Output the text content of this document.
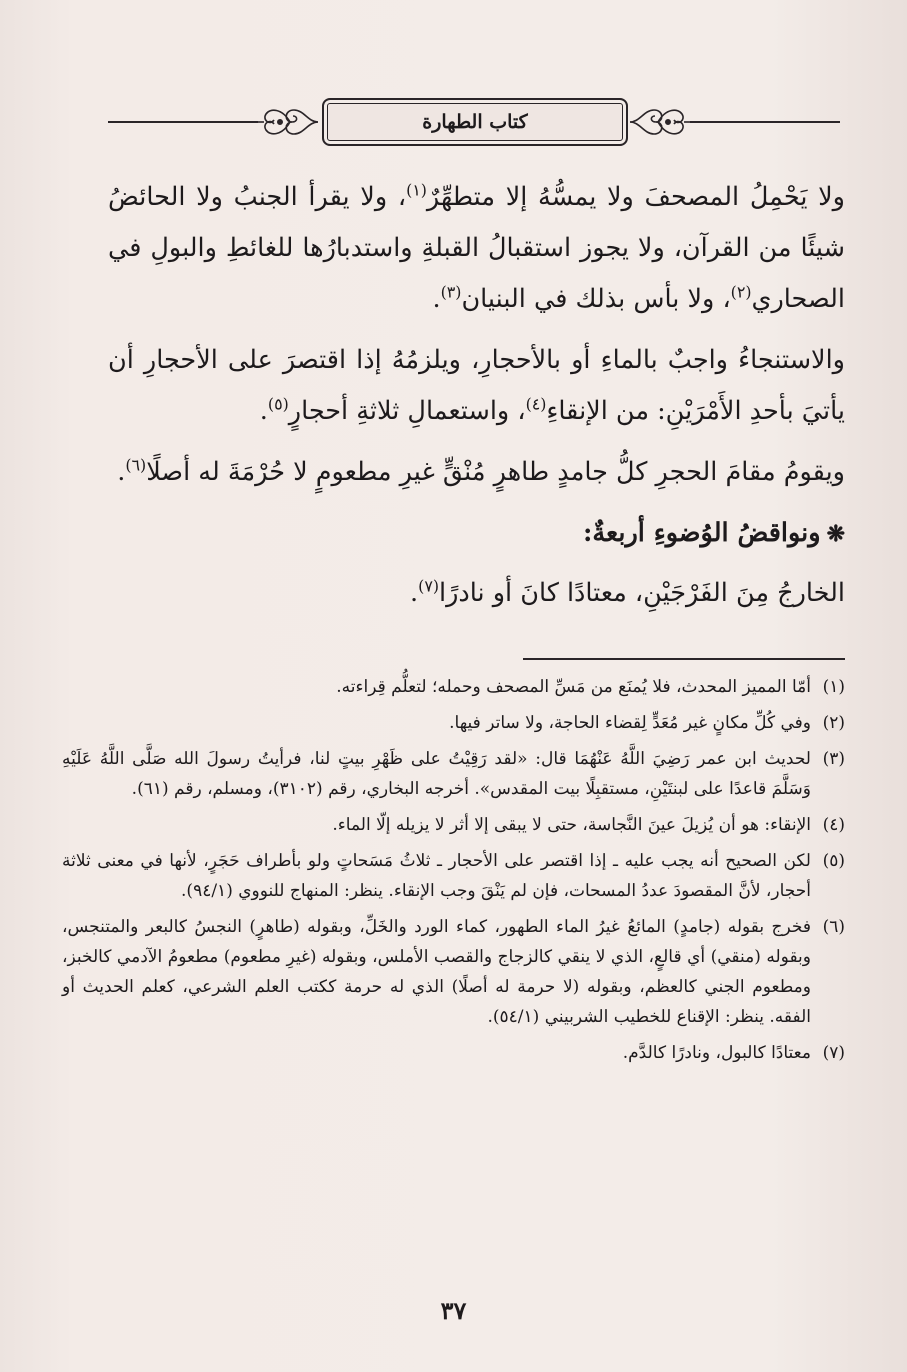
كتاب الطهارة

ولا يَحْمِلُ المصحفَ ولا يمسُّهُ إلا متطهِّرٌ$^{(١)}$، ولا يقرأ الجنبُ ولا الحائضُ شيئًا من القرآن، ولا يجوز استقبالُ القبلةِ واستدبارُها للغائطِ والبولِ في الصحاري$^{(٢)}$، ولا بأس بذلك في البنيان$^{(٣)}$.

والاستنجاءُ واجبٌ بالماءِ أو بالأحجارِ، ويلزمُهُ إذا اقتصرَ على الأحجارِ أن يأتيَ بأحدِ الأَمْرَيْنِ: من الإنقاءِ$^{(٤)}$، واستعمالِ ثلاثةِ أحجارٍ$^{(٥)}$.

ويقومُ مقامَ الحجرِ كلُّ جامدٍ طاهرٍ مُنْقٍّ غيرِ مطعومٍ لا حُرْمَةَ له أصلًا$^{(٦)}$.

❋ونواقضُ الوُضوءِ أربعةٌ:

الخارجُ مِنَ الفَرْجَيْنِ، معتادًا كانَ أو نادرًا$^{(٧)}$.

(١)
أمّا المميز المحدث، فلا يُمنَع من مَسِّ المصحف وحمله؛ لتعلُّم قِراءته.
(٢)
وفي كُلِّ مكانٍ غير مُعَدٍّ لِقضاء الحاجة، ولا ساتر فيها.
(٣)
لحديث ابن عمر رَضِيَ اللَّهُ عَنْهُمَا قال: «لقد رَقِيْتُ على ظَهْرِ بيتٍ لنا، فرأيتُ رسولَ الله صَلَّى اللَّهُ عَلَيْهِ وَسَلَّمَ قاعدًا على لبنتَيْنِ، مستقبِلًا بيت المقدس». أخرجه البخاري، رقم (٣١٠٢)، ومسلم، رقم (٦١).
(٤)
الإنقاء: هو أن يُزيلَ عينَ النَّجاسة، حتى لا يبقى إلا أثر لا يزيله إلّا الماء.
(٥)
لكن الصحيح أنه يجب عليه ـ إذا اقتصر على الأحجار ـ ثلاثُ مَسَحاتٍ ولو بأطراف حَجَرٍ، لأنها في معنى ثلاثة أحجار، لأنَّ المقصودَ عددُ المسحات، فإن لم يَنْقَ وجب الإنقاء. ينظر: المنهاج للنووي (٩٤/١).
(٦)
فخرج بقوله (جامدٍ) المائعُ غيرُ الماء الطهور، كماء الورد والخَلِّ، وبقوله (طاهرٍ) النجسُ كالبعر والمتنجس، وبقوله (منقي) أي قالعٍ، الذي لا ينقي كالزجاج والقصب الأملس، وبقوله (غيرِ مطعوم) مطعومُ الآدمي كالخبز، ومطعوم الجني كالعظم، وبقوله (لا حرمة له أصلًا) الذي له حرمة ككتب العلم الشرعي، كعلم الحديث أو الفقه. ينظر: الإقناع للخطيب الشربيني (٥٤/١).
(٧)
معتادًا كالبول، ونادرًا كالدَّم.
٣٧
